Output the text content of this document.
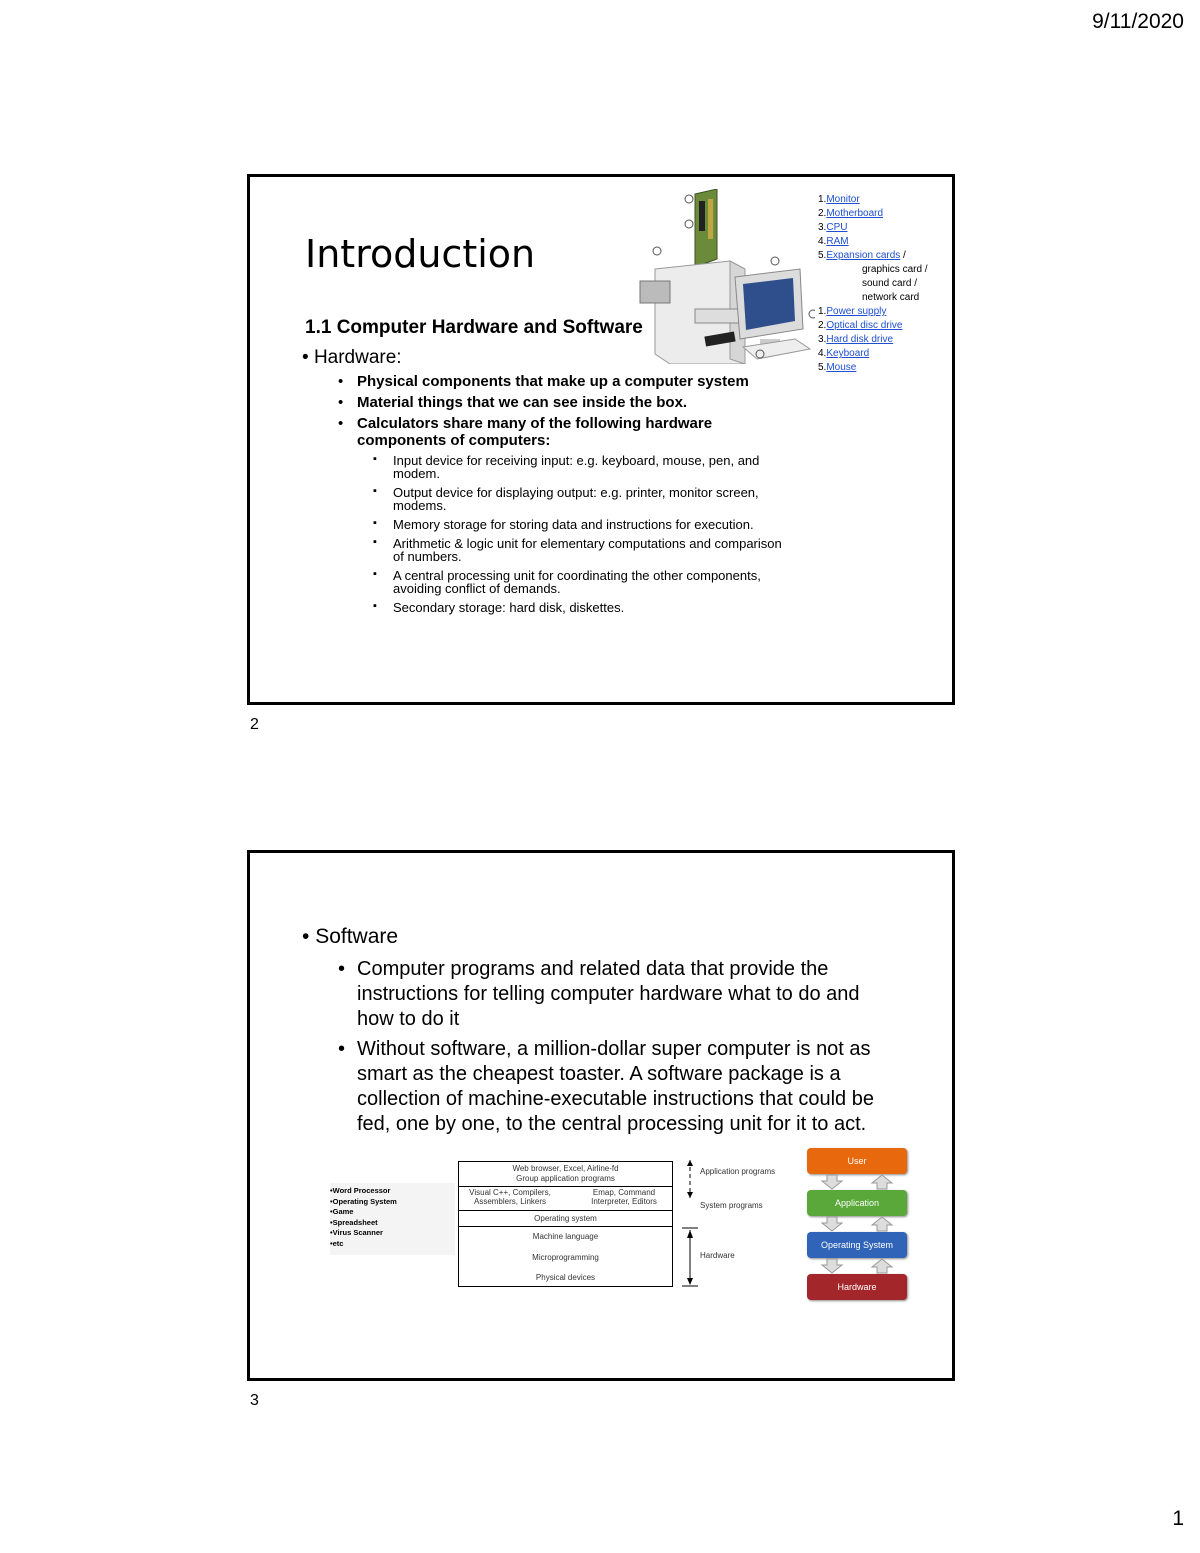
9/11/2020
Introduction
1.1 Computer Hardware and Software
• Hardware:
• Physical components that make up a computer system
• Material things that we can see inside the box.
• Calculators share many of the following hardware components of computers:
▪ Input device for receiving input: e.g. keyboard, mouse, pen, and modem.
▪ Output device for displaying output: e.g. printer, monitor screen, modems.
▪ Memory storage for storing data and instructions for execution.
▪ Arithmetic & logic unit for elementary computations and comparison of numbers.
▪ A central processing unit for coordinating the other components, avoiding conflict of demands.
▪ Secondary storage: hard disk, diskettes.
1.Monitor
2.Motherboard
3.CPU
4.RAM
5.Expansion cards /
graphics card /
sound card /
network card
1.Power supply
2.Optical disc drive
3.Hard disk drive
4.Keyboard
5.Mouse
2
• Software
• Computer programs and related data that provide the instructions for telling computer hardware what to do and how to do it
• Without software, a million-dollar super computer is not as smart as the cheapest toaster. A software package is a collection of machine-executable instructions that could be fed, one by one, to the central processing unit for it to act.
•Word Processor
•Operating System
•Game
•Spreadsheet
•Virus Scanner
•etc
Web browser, Excel, Airline-fd
Group application programs
Visual C++, Compilers,
Assemblers, Linkers
Emap, Command
Interpreter, Editors
Operating system
Machine language
Microprogramming
Physical devices
Application programs
System programs
Hardware
User
Application
Operating System
Hardware
3
1
